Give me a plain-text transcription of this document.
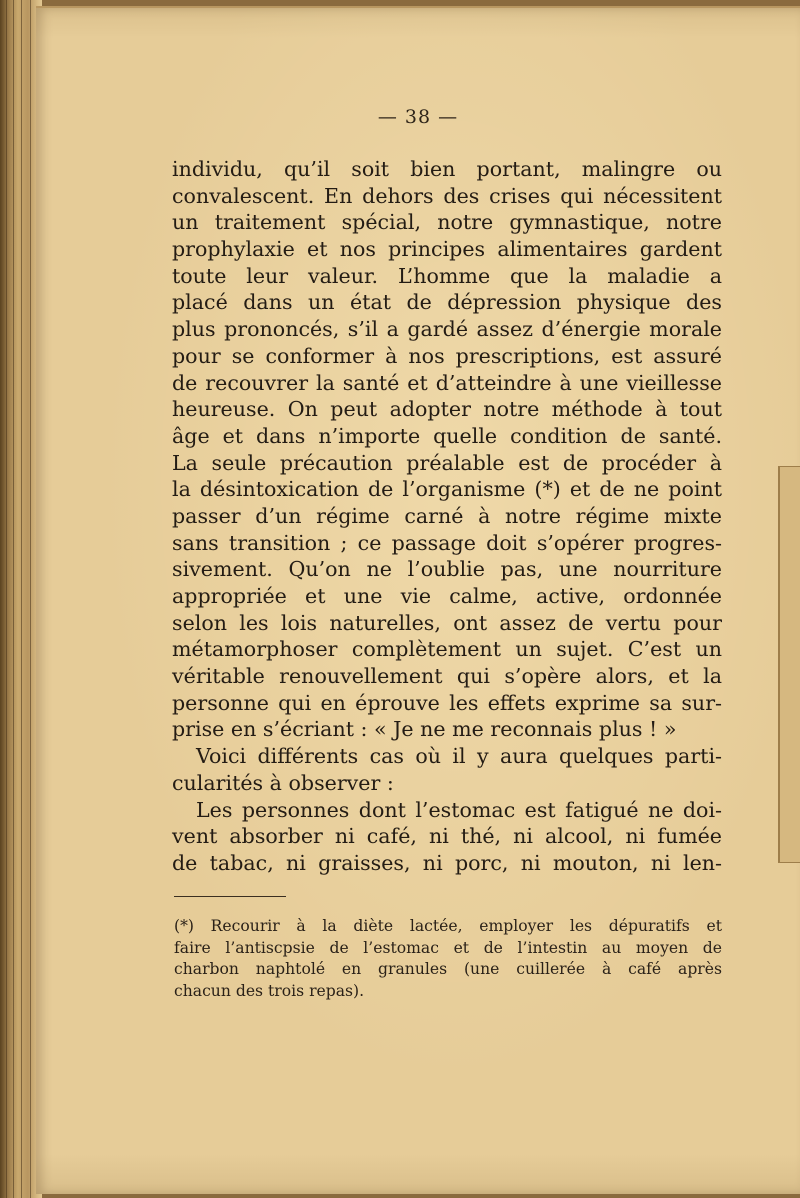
— 38 —
individu, qu’il soit bien portant, malingre ou
convalescent. En dehors des crises qui nécessitent
un traitement spécial, notre gymnastique, notre
prophylaxie et nos principes alimentaires gardent
toute leur valeur. L’homme que la maladie a
placé dans un état de dépression physique des
plus prononcés, s’il a gardé assez d’énergie morale
pour se conformer à nos prescriptions, est assuré
de recouvrer la santé et d’atteindre à une vieillesse
heureuse. On peut adopter notre méthode à tout
âge et dans n’importe quelle condition de santé.
La seule précaution préalable est de procéder à
la désintoxication de l’organisme (*) et de ne point
passer d’un régime carné à notre régime mixte
sans transition ; ce passage doit s’opérer progres-
sivement. Qu’on ne l’oublie pas, une nourriture
appropriée et une vie calme, active, ordonnée
selon les lois naturelles, ont assez de vertu pour
métamorphoser complètement un sujet. C’est un
véritable renouvellement qui s’opère alors, et la
personne qui en éprouve les effets exprime sa sur-
prise en s’écriant : « Je ne me reconnais plus ! »
Voici différents cas où il y aura quelques parti-
cularités à observer :
Les personnes dont l’estomac est fatigué ne doi-
vent absorber ni café, ni thé, ni alcool, ni fumée
de tabac, ni graisses, ni porc, ni mouton, ni len-
(*) Recourir à la diète lactée, employer les dépuratifs et
faire l’antiscpsie de l’estomac et de l’intestin au moyen de
charbon naphtolé en granules (une cuillerée à café après
chacun des trois repas).
